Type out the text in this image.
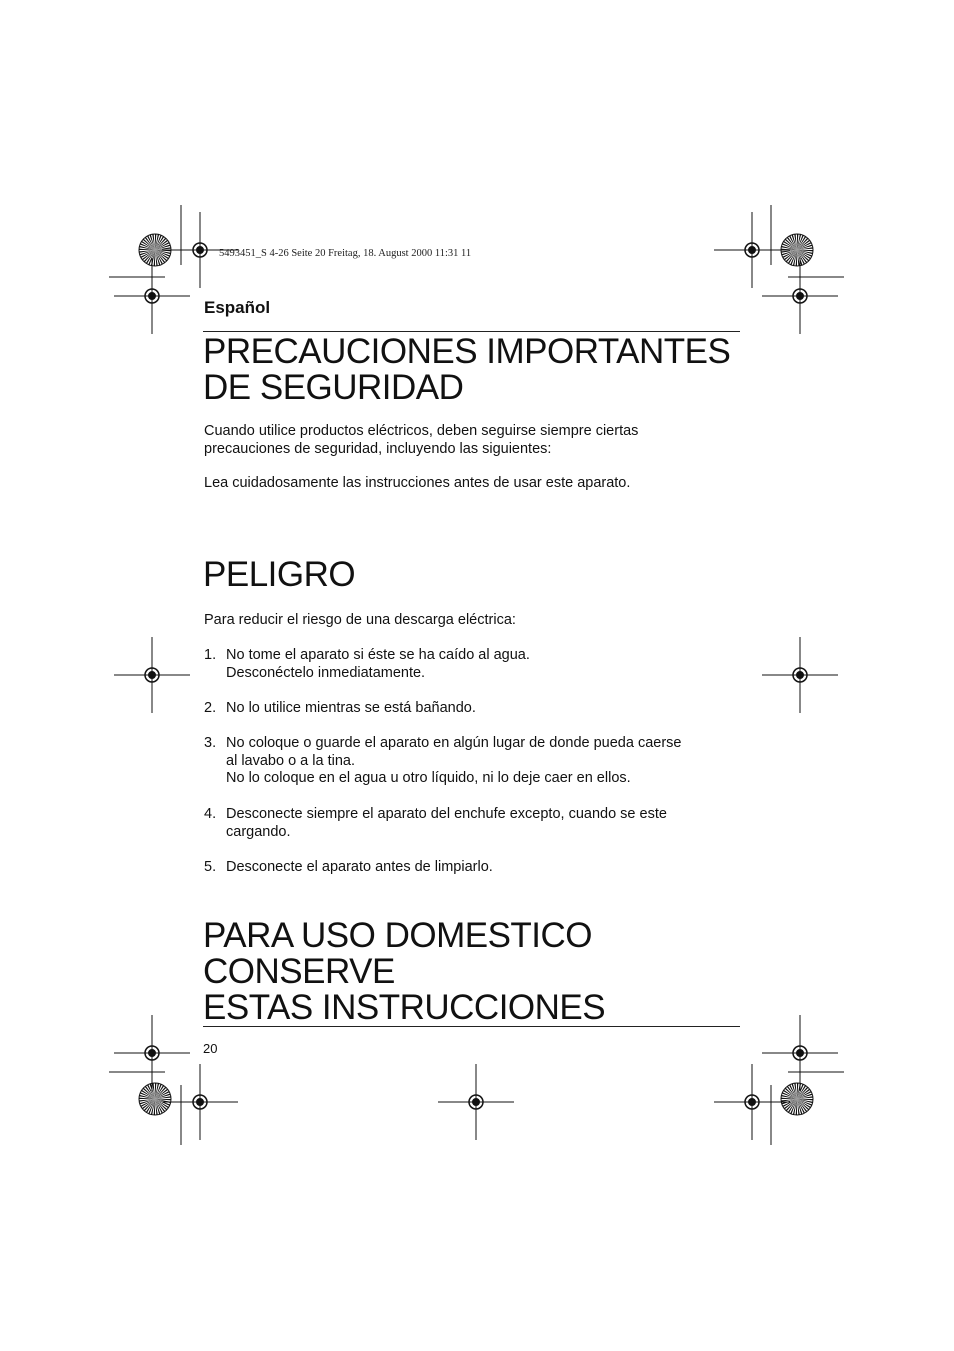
5493451_S 4-26 Seite 20 Freitag, 18. August 2000 11:31 11
Español
PRECAUCIONES IMPORTANTES
DE SEGURIDAD
Cuando utilice productos eléctricos, deben seguirse siempre ciertas
precauciones de seguridad, incluyendo las siguientes:
Lea cuidadosamente las instrucciones antes de usar este aparato.
PELIGRO
Para reducir el riesgo de una descarga eléctrica:
1. No tome el aparato si éste se ha caído al agua.
Desconéctelo inmediatamente.
2. No lo utilice mientras se está bañando.
3. No coloque o guarde el aparato en algún lugar de donde pueda caerse
al lavabo o a la tina.
No lo coloque en el agua u otro líquido, ni lo deje caer en ellos.
4. Desconecte siempre el aparato del enchufe excepto, cuando se este
cargando.
5. Desconecte el aparato antes de limpiarlo.
PARA USO DOMESTICO
CONSERVE
ESTAS INSTRUCCIONES
20
